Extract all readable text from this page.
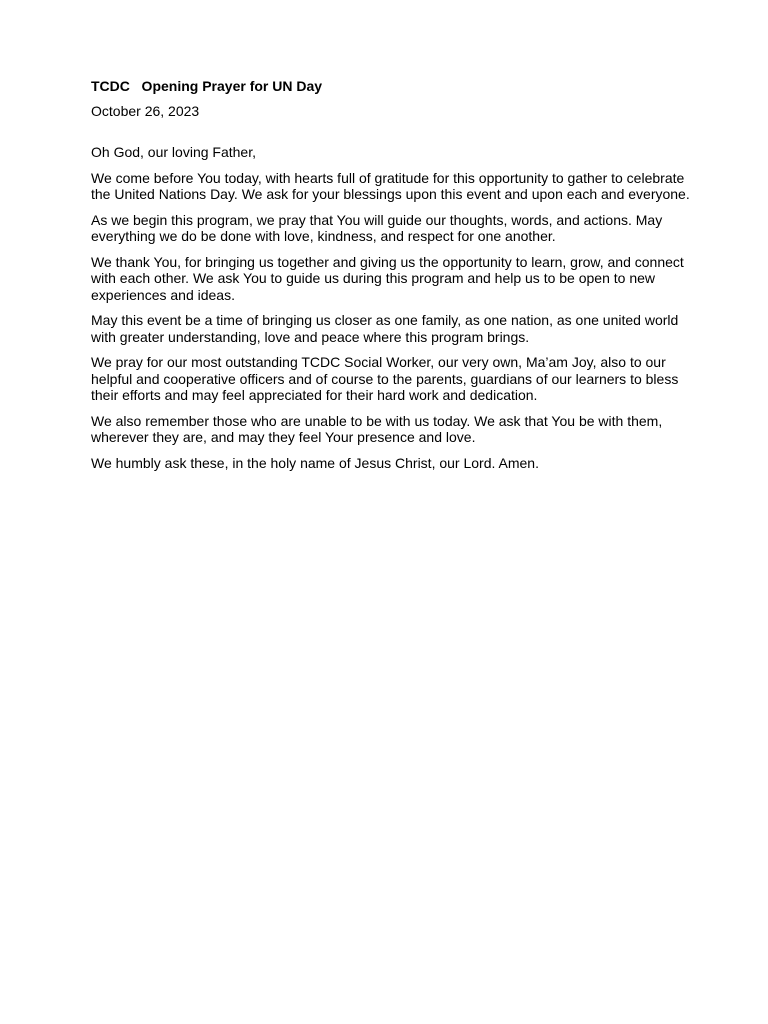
TCDC   Opening Prayer for UN Day

October 26, 2023

Oh God, our loving Father,

We come before You today, with hearts full of gratitude for this opportunity to gather to celebrate the United Nations Day. We ask for your blessings upon this event and upon each and everyone.

As we begin this program, we pray that You will guide our thoughts, words, and actions. May everything we do be done with love, kindness, and respect for one another.

We thank You, for bringing us together and giving us the opportunity to learn, grow, and connect with each other. We ask You to guide us during this program and help us to be open to new experiences and ideas.

May this event be a time of bringing us closer as one family, as one nation, as one united world with greater understanding, love and peace where this program brings.

We pray for our most outstanding TCDC Social Worker, our very own, Ma’am Joy, also to our helpful and cooperative officers and of course to the parents, guardians of our learners to bless their efforts and may feel appreciated for their hard work and dedication.

We also remember those who are unable to be with us today. We ask that You be with them, wherever they are, and may they feel Your presence and love.

We humbly ask these, in the holy name of Jesus Christ, our Lord. Amen.
